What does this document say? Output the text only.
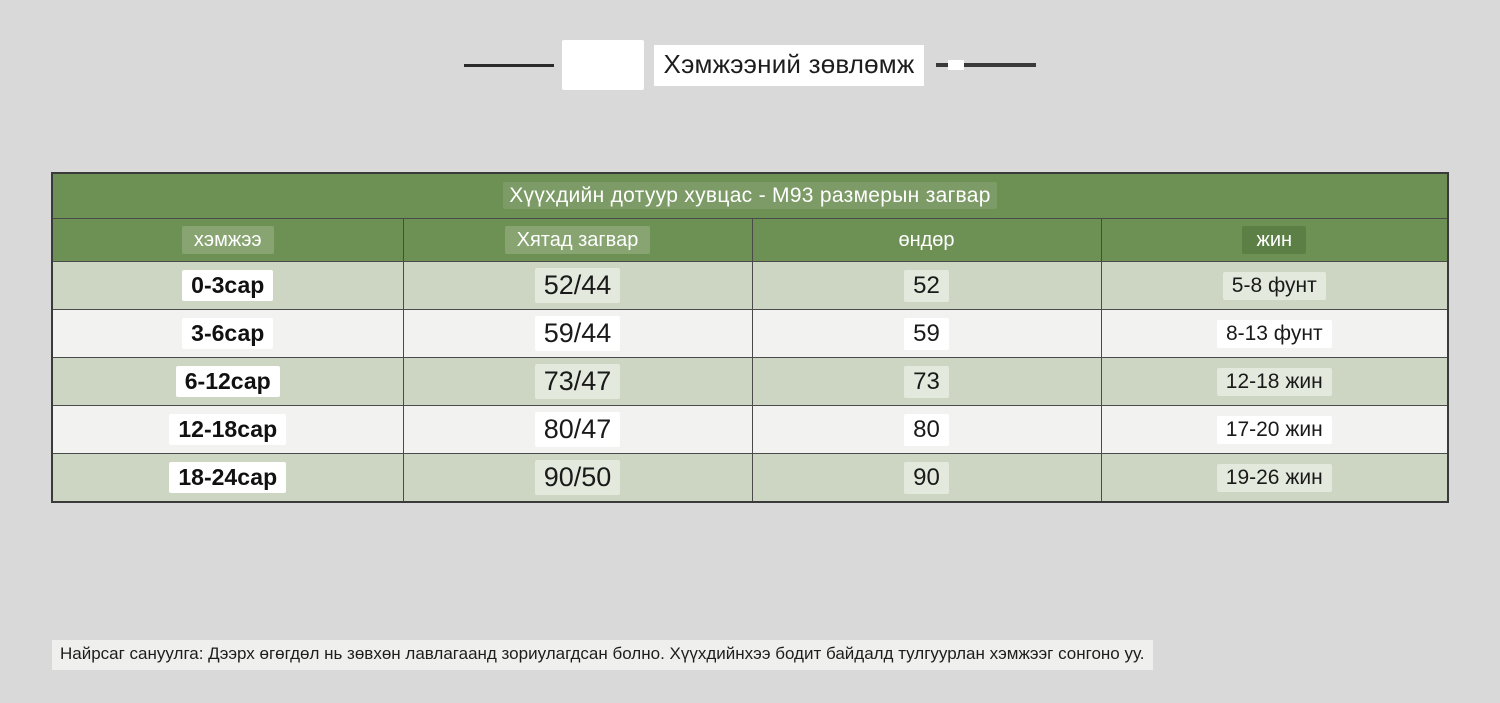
Хэмжээний зөвлөмж
Хүүхдийн дотуур хувцас - M93 размерын загвар			
хэмжээ	Хятад загвар	өндөр	жин
0-3сар	52/44	52	5-8 фунт
3-6сар	59/44	59	8-13 фунт
6-12сар	73/47	73	12-18 жин
12-18сар	80/47	80	17-20 жин
18-24сар	90/50	90	19-26 жин
Найрсаг сануулга: Дээрх өгөгдөл нь зөвхөн лавлагаанд зориулагдсан болно. Хүүхдийнхээ бодит байдалд тулгуурлан хэмжээг сонгоно уу.
